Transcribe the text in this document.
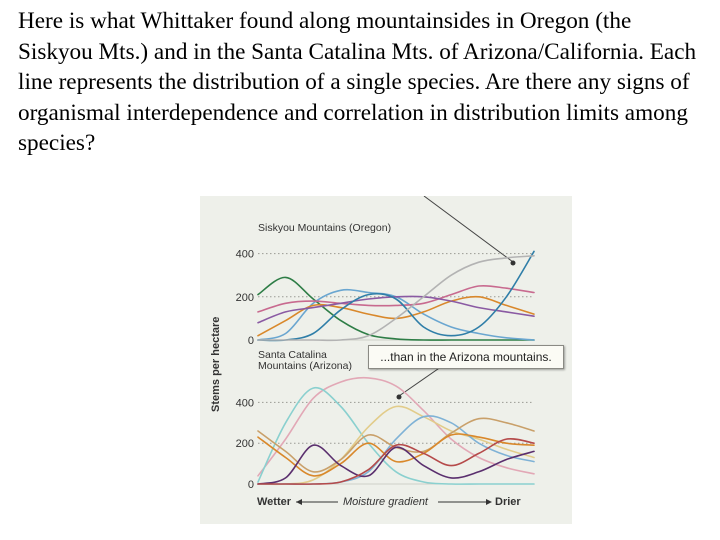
Here is what Whittaker found along mountainsides in Oregon (the Siskyou Mts.) and in the Santa Catalina Mts. of Arizona/California. Each line represents the distribution of a single species. Are there any signs of organismal interdependence and correlation in distribution limits among species?

Stems per hectare
Siskyou Mountains (Oregon)
400
200
0
Santa Catalina
Mountains (Arizona)
400
200
0
Wetter	Moisture gradient	Drier
...than in the Arizona mountains.
